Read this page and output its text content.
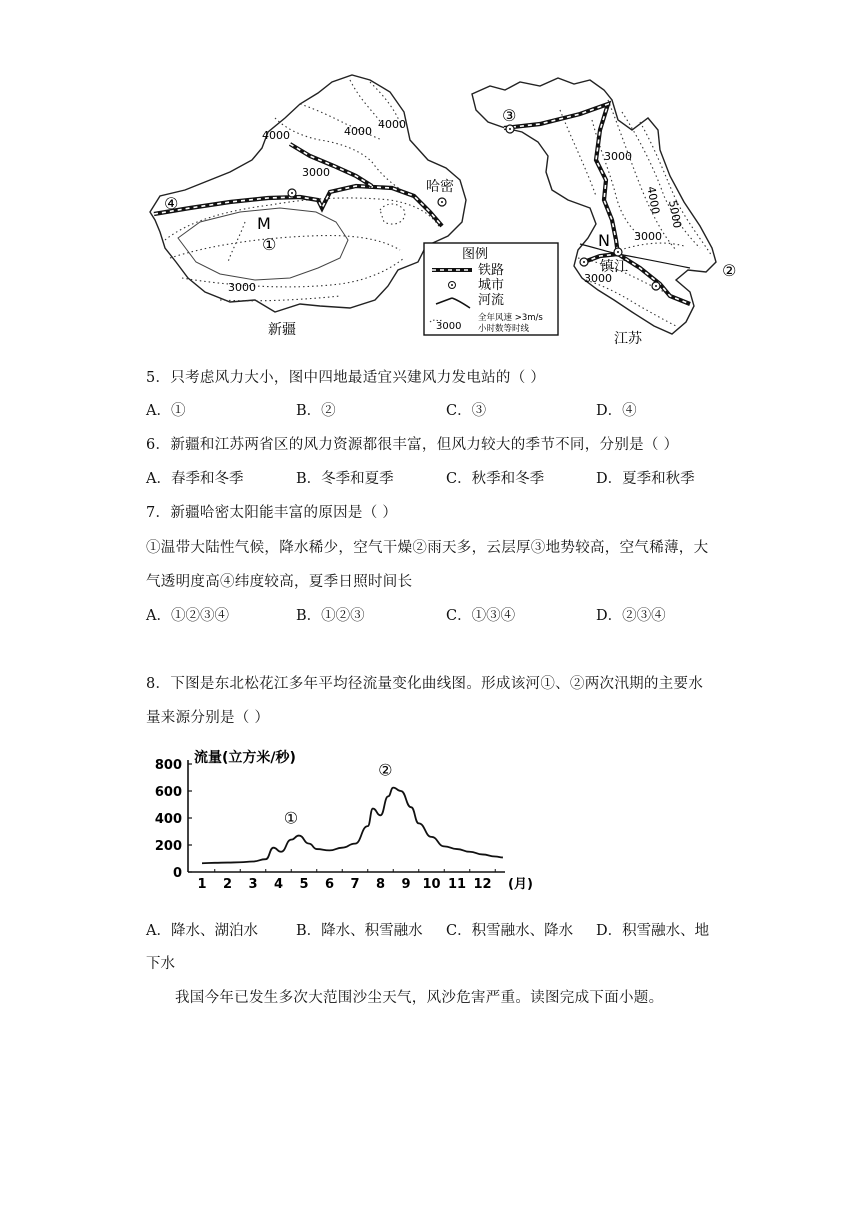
④
M
①
哈密
4000	4000
4000
3000
3000
新疆
图例
铁路
城市
河流
3000
全年风速 >3m/s
小时数等时线
③
N
镇江	②
3000
4000 5000
3000
3000
江苏
5．只考虑风力大小，图中四地最适宜兴建风力发电站的（ ）
A．①	B．②	C．③	D．④
6．新疆和江苏两省区的风力资源都很丰富，但风力较大的季节不同，分别是（ ）
A．春季和冬季	B．冬季和夏季	C．秋季和冬季	D．夏季和秋季
7．新疆哈密太阳能丰富的原因是（ ）
①温带大陆性气候，降水稀少，空气干燥②雨天多，云层厚③地势较高，空气稀薄，大
气透明度高④纬度较高，夏季日照时间长
A．①②③④	B．①②③	C．①③④	D．②③④
8．下图是东北松花江多年平均径流量变化曲线图。形成该河①、②两次汛期的主要水
量来源分别是（ ）
流量(立方米/秒)
(月)
800
600
400
200
0
1 2 3 4 5 6 7 8 9 10 11 12
①
②
A．降水、湖泊水	B．降水、积雪融水 C．积雪融水、降水 D．积雪融水、地
下水
我国今年已发生多次大范围沙尘天气，风沙危害严重。读图完成下面小题。
